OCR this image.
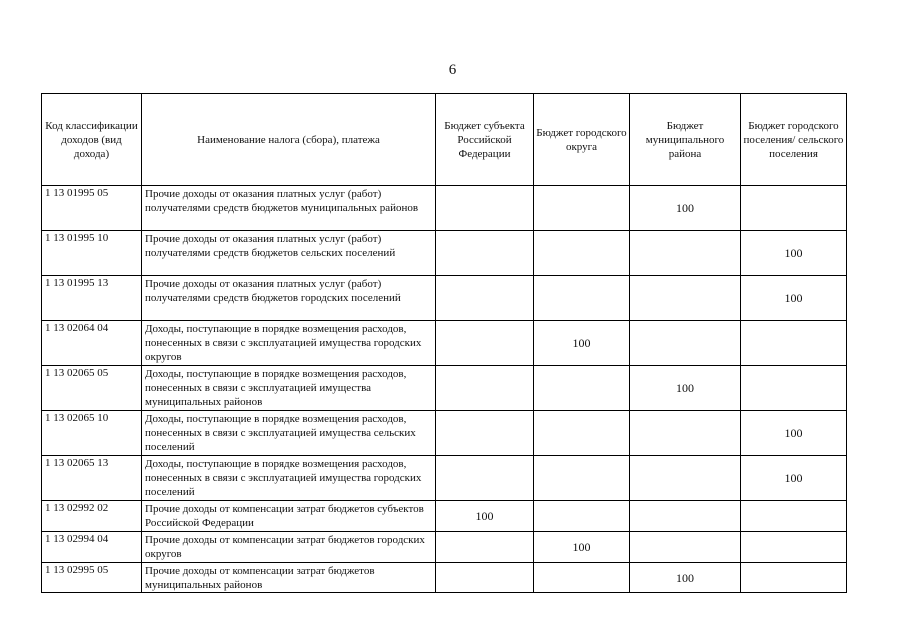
6
Код классификации доходов (вид дохода)	Наименование налога (сбора), платежа	Бюджет субъекта Российской Федерации	Бюджет городского округа	Бюджет муниципального района	Бюджет городского поселения/ сельского поселения
1 13 01995 05	Прочие доходы от оказания платных услуг (работ) получателями средств бюджетов муниципальных районов			100	
1 13 01995 10	Прочие доходы от оказания платных услуг (работ) получателями средств бюджетов сельских поселений				100
1 13 01995 13	Прочие доходы от оказания платных услуг (работ) получателями средств бюджетов городских поселений				100
1 13 02064 04	Доходы, поступающие в порядке возмещения расходов, понесенных в связи с эксплуатацией имущества городских округов		100		
1 13 02065 05	Доходы, поступающие в порядке возмещения расходов, понесенных в связи с эксплуатацией имущества муниципальных районов			100	
1 13 02065 10	Доходы, поступающие в порядке возмещения расходов, понесенных в связи с эксплуатацией имущества сельских поселений				100
1 13 02065 13	Доходы, поступающие в порядке возмещения расходов, понесенных в связи с эксплуатацией имущества городских поселений				100
1 13 02992 02	Прочие доходы от компенсации затрат бюджетов субъектов Российской Федерации	100			
1 13 02994 04	Прочие доходы от компенсации затрат бюджетов городских округов		100		
1 13 02995 05	Прочие доходы от компенсации затрат бюджетов муниципальных районов			100	
